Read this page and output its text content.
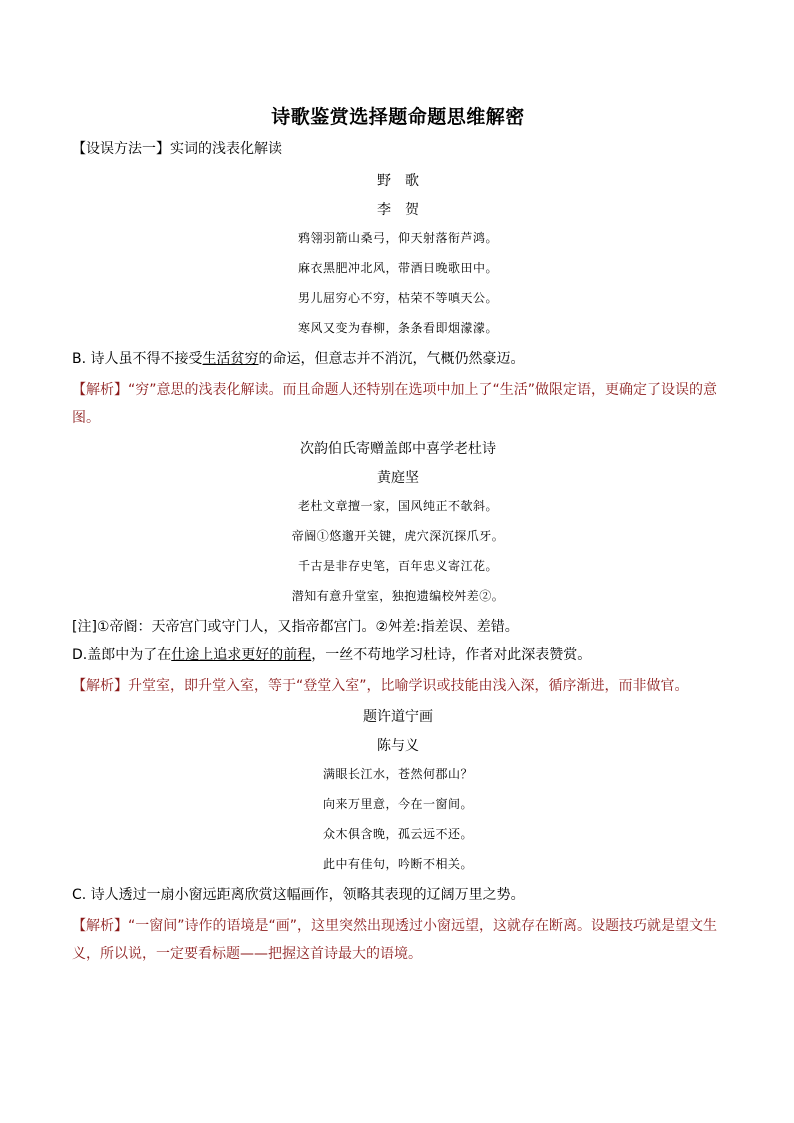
诗歌鉴赏选择题命题思维解密
【设误方法一】实词的浅表化解读
野　歌
李　贺
鸦翎羽箭山桑弓，仰天射落衔芦鸿。
麻衣黑肥冲北风，带酒日晚歌田中。
男儿屈穷心不穷，枯荣不等嗔天公。
寒风又变为春柳，条条看即烟濛濛。
B. 诗人虽不得不接受生活贫穷的命运，但意志并不消沉，气概仍然豪迈。
【解析】“穷”意思的浅表化解读。而且命题人还特别在选项中加上了“生活”做限定语，更确定了设误的意图。
次韵伯氏寄赠盖郎中喜学老杜诗
黄庭坚
老杜文章擅一家，国风纯正不欹斜。
帝阍①悠邈开关键，虎穴深沉探爪牙。
千古是非存史笔，百年忠义寄江花。
潜知有意升堂室，独抱遗编校舛差②。
[注]①帝阍：天帝宫门或守门人，又指帝都宫门。②舛差:指差误、差错。
D.盖郎中为了在仕途上追求更好的前程，一丝不苟地学习杜诗，作者对此深表赞赏。
【解析】升堂室，即升堂入室，等于“登堂入室”，比喻学识或技能由浅入深，循序渐进，而非做官。
题许道宁画
陈与义
满眼长江水，苍然何郡山？
向来万里意，今在一窗间。
众木俱含晚，孤云远不还。
此中有佳句，吟断不相关。
C. 诗人透过一扇小窗远距离欣赏这幅画作，领略其表现的辽阔万里之势。
【解析】“一窗间”诗作的语境是“画”，这里突然出现透过小窗远望，这就存在断离。设题技巧就是望文生义，所以说，一定要看标题——把握这首诗最大的语境。
